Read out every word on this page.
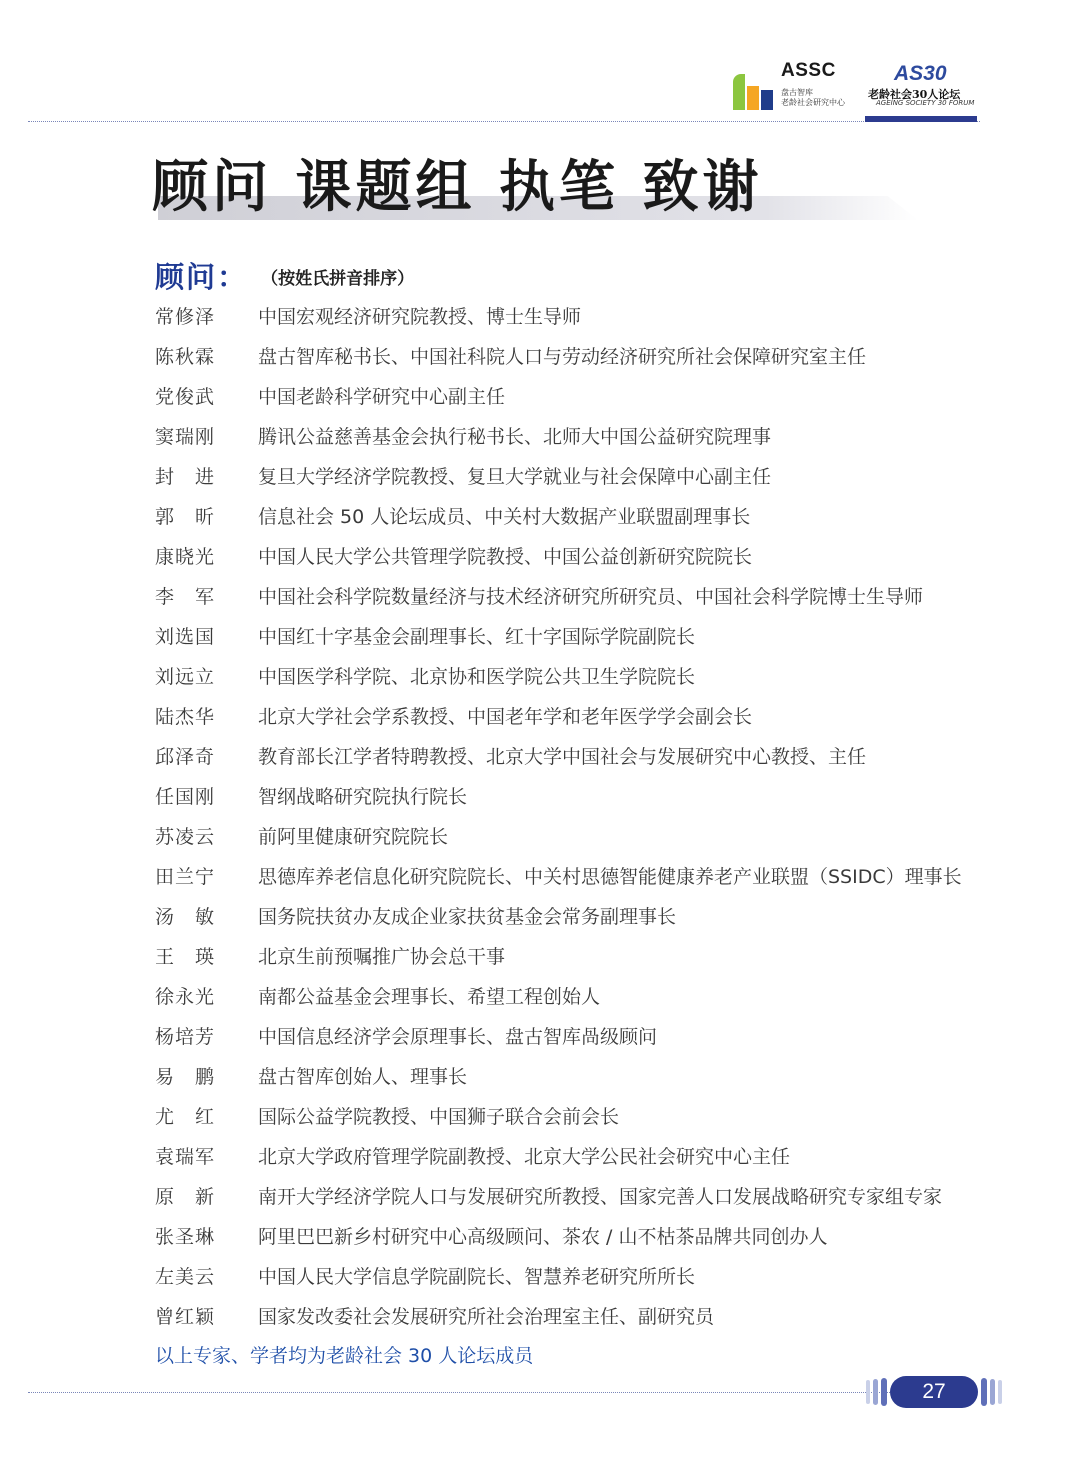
ASSC
盘古智库
老龄社会研究中心
AS30
老龄社会30人论坛
AGEING SOCIETY 30 FORUM
顾问 课题组 执笔 致谢
顾问： （按姓氏拼音排序）
常修泽 中国宏观经济研究院教授、博士生导师
陈秋霖 盘古智库秘书长、中国社科院人口与劳动经济研究所社会保障研究室主任
党俊武 中国老龄科学研究中心副主任
窦瑞刚 腾讯公益慈善基金会执行秘书长、北师大中国公益研究院理事
封　进 复旦大学经济学院教授、复旦大学就业与社会保障中心副主任
郭　昕 信息社会 50 人论坛成员、中关村大数据产业联盟副理事长
康晓光 中国人民大学公共管理学院教授、中国公益创新研究院院长
李　军 中国社会科学院数量经济与技术经济研究所研究员、中国社会科学院博士生导师
刘选国 中国红十字基金会副理事长、红十字国际学院副院长
刘远立 中国医学科学院、北京协和医学院公共卫生学院院长
陆杰华 北京大学社会学系教授、中国老年学和老年医学学会副会长
邱泽奇 教育部长江学者特聘教授、北京大学中国社会与发展研究中心教授、主任
任国刚 智纲战略研究院执行院长
苏凌云 前阿里健康研究院院长
田兰宁 思德库养老信息化研究院院长、中关村思德智能健康养老产业联盟（SSIDC）理事长
汤　敏 国务院扶贫办友成企业家扶贫基金会常务副理事长
王　瑛 北京生前预嘱推广协会总干事
徐永光 南都公益基金会理事长、希望工程创始人
杨培芳 中国信息经济学会原理事长、盘古智库咼级顾问
易　鹏 盘古智库创始人、理事长
尤　红 国际公益学院教授、中国狮子联合会前会长
袁瑞军 北京大学政府管理学院副教授、北京大学公民社会研究中心主任
原　新 南开大学经济学院人口与发展研究所教授、国家完善人口发展战略研究专家组专家
张圣琳 阿里巴巴新乡村研究中心高级顾问、茶农 / 山不枯茶品牌共同创办人
左美云 中国人民大学信息学院副院长、智慧养老研究所所长
曾红颖 国家发改委社会发展研究所社会治理室主任、副研究员
以上专家、学者均为老龄社会 30 人论坛成员
27
